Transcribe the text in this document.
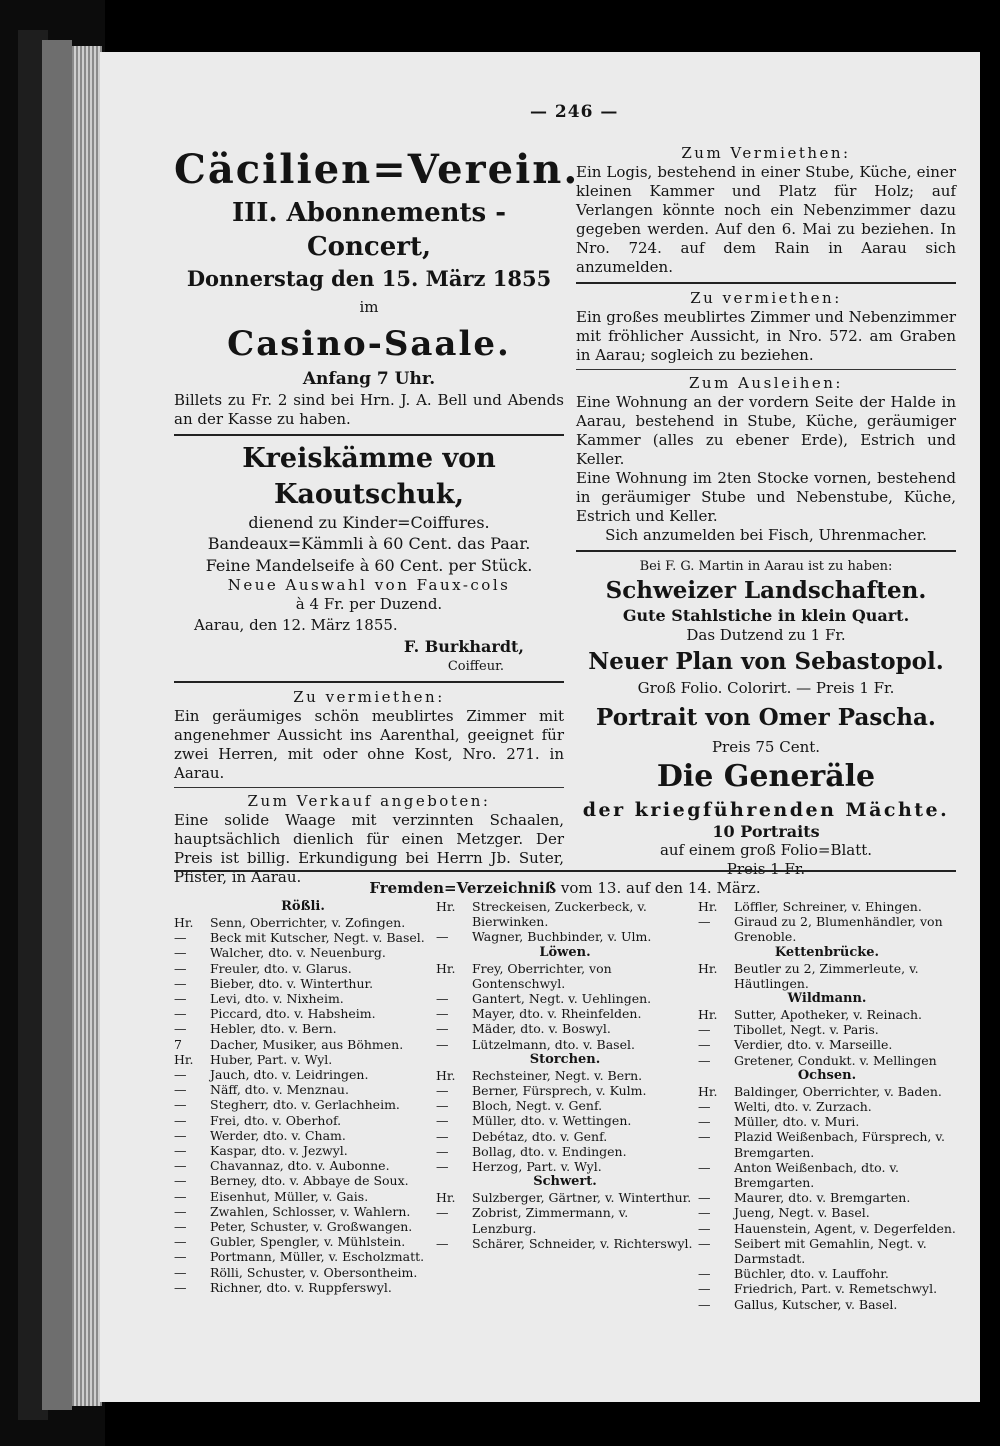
— 246 —
Cäcilien=Verein.
III. Abonnements - Concert,
Donnerstag den 15. März 1855
im
Casino-Saale.
Anfang 7 Uhr.

Billets zu Fr. 2 sind bei Hrn. J. A. Bell und Abends an der Kasse zu haben.

Kreiskämme von Kaoutschuk,
dienend zu Kinder=Coiffures.
Bandeaux=Kämmli à 60 Cent. das Paar.
Feine Mandelseife à 60 Cent. per Stück.
Neue Auswahl von Faux-cols
à 4 Fr. per Duzend.
Aarau, den 12. März 1855.
F. Burkhardt,
Coiffeur.
Zu vermiethen:

Ein geräumiges schön meublirtes Zimmer mit angenehmer Aussicht ins Aarenthal, geeignet für zwei Herren, mit oder ohne Kost, Nro. 271. in Aarau.

Zum Verkauf angeboten:

Eine solide Waage mit verzinnten Schaalen, hauptsächlich dienlich für einen Metzger. Der Preis ist billig. Erkundigung bei Herrn Jb. Suter, Pfister, in Aarau.

Zum Vermiethen:

Ein Logis, bestehend in einer Stube, Küche, einer kleinen Kammer und Platz für Holz; auf Verlangen könnte noch ein Nebenzimmer dazu gegeben werden. Auf den 6. Mai zu beziehen. In Nro. 724. auf dem Rain in Aarau sich anzumelden.

Zu vermiethen:

Ein großes meublirtes Zimmer und Nebenzimmer mit fröhlicher Aussicht, in Nro. 572. am Graben in Aarau; sogleich zu beziehen.

Zum Ausleihen:

Eine Wohnung an der vordern Seite der Halde in Aarau, bestehend in Stube, Küche, geräumiger Kammer (alles zu ebener Erde), Estrich und Keller.

Eine Wohnung im 2ten Stocke vornen, bestehend in geräumiger Stube und Nebenstube, Küche, Estrich und Keller.

Sich anzumelden bei Fisch, Uhrenmacher.

Bei F. G. Martin in Aarau ist zu haben:
Schweizer Landschaften.
Gute Stahlstiche in klein Quart.
Das Dutzend zu 1 Fr.
Neuer Plan von Sebastopol.
Groß Folio. Colorirt. — Preis 1 Fr.
Portrait von Omer Pascha.
Preis 75 Cent.
Die Generäle
der kriegführenden Mächte.
10 Portraits
auf einem groß Folio=Blatt.
Preis 1 Fr.
Fremden=Verzeichniß vom 13. auf den 14. März.
Rößli.
Hr.	Senn, Oberrichter, v. Zofingen.
—	Beck mit Kutscher, Negt. v. Basel.
—	Walcher, dto. v. Neuenburg.
—	Freuler, dto. v. Glarus.
—	Bieber, dto. v. Winterthur.
—	Levi, dto. v. Nixheim.
—	Piccard, dto. v. Habsheim.
—	Hebler, dto. v. Bern.
7	Dacher, Musiker, aus Böhmen.
Hr.	Huber, Part. v. Wyl.
—	Jauch, dto. v. Leidringen.
—	Näff, dto. v. Menznau.
—	Stegherr, dto. v. Gerlachheim.
—	Frei, dto. v. Oberhof.
—	Werder, dto. v. Cham.
—	Kaspar, dto. v. Jezwyl.
—	Chavannaz, dto. v. Aubonne.
—	Berney, dto. v. Abbaye de Soux.
—	Eisenhut, Müller, v. Gais.
—	Zwahlen, Schlosser, v. Wahlern.
—	Peter, Schuster, v. Großwangen.
—	Gubler, Spengler, v. Mühlstein.
—	Portmann, Müller, v. Escholzmatt.
—	Rölli, Schuster, v. Obersontheim.
—	Richner, dto. v. Ruppferswyl.
Hr.	Streckeisen, Zuckerbeck, v. Bierwinken.
—	Wagner, Buchbinder, v. Ulm.
Löwen.
Hr.	Frey, Oberrichter, von Gontenschwyl.
—	Gantert, Negt. v. Uehlingen.
—	Mayer, dto. v. Rheinfelden.
—	Mäder, dto. v. Boswyl.
—	Lützelmann, dto. v. Basel.
Storchen.
Hr.	Rechsteiner, Negt. v. Bern.
—	Berner, Fürsprech, v. Kulm.
—	Bloch, Negt. v. Genf.
—	Müller, dto. v. Wettingen.
—	Debétaz, dto. v. Genf.
—	Bollag, dto. v. Endingen.
—	Herzog, Part. v. Wyl.
Schwert.
Hr.	Sulzberger, Gärtner, v. Winterthur.
—	Zobrist, Zimmermann, v. Lenzburg.
—	Schärer, Schneider, v. Richterswyl.
Hr.	Löffler, Schreiner, v. Ehingen.
—	Giraud zu 2, Blumenhändler, von Grenoble.
Kettenbrücke.
Hr.	Beutler zu 2, Zimmerleute, v. Häutlingen.
Wildmann.
Hr.	Sutter, Apotheker, v. Reinach.
—	Tibollet, Negt. v. Paris.
—	Verdier, dto. v. Marseille.
—	Gretener, Condukt. v. Mellingen
Ochsen.
Hr.	Baldinger, Oberrichter, v. Baden.
—	Welti, dto. v. Zurzach.
—	Müller, dto. v. Muri.
—	Plazid Weißenbach, Fürsprech, v. Bremgarten.
—	Anton Weißenbach, dto. v. Bremgarten.
—	Maurer, dto. v. Bremgarten.
—	Jueng, Negt. v. Basel.
—	Hauenstein, Agent, v. Degerfelden.
—	Seibert mit Gemahlin, Negt. v. Darmstadt.
—	Büchler, dto. v. Lauffohr.
—	Friedrich, Part. v. Remetschwyl.
—	Gallus, Kutscher, v. Basel.
